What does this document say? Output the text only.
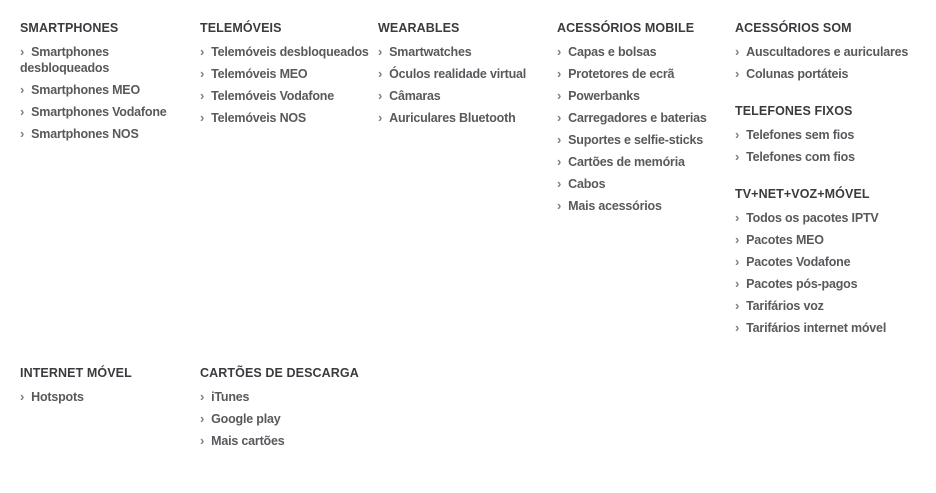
SMARTPHONES
› Smartphones desbloqueados
› Smartphones MEO
› Smartphones Vodafone
› Smartphones NOS
TELEMÓVEIS
› Telemóveis desbloqueados
› Telemóveis MEO
› Telemóveis Vodafone
› Telemóveis NOS
WEARABLES
› Smartwatches
› Óculos realidade virtual
› Câmaras
› Auriculares Bluetooth
ACESSÓRIOS MOBILE
› Capas e bolsas
› Protetores de ecrã
› Powerbanks
› Carregadores e baterias
› Suportes e selfie-sticks
› Cartões de memória
› Cabos
› Mais acessórios
ACESSÓRIOS SOM
› Auscultadores e auriculares
› Colunas portáteis
TELEFONES FIXOS
› Telefones sem fios
› Telefones com fios
TV+NET+VOZ+MÓVEL
› Todos os pacotes IPTV
› Pacotes MEO
› Pacotes Vodafone
› Pacotes pós-pagos
› Tarifários voz
› Tarifários internet móvel
INTERNET MÓVEL
› Hotspots
CARTÕES DE DESCARGA
› iTunes
› Google play
› Mais cartões
